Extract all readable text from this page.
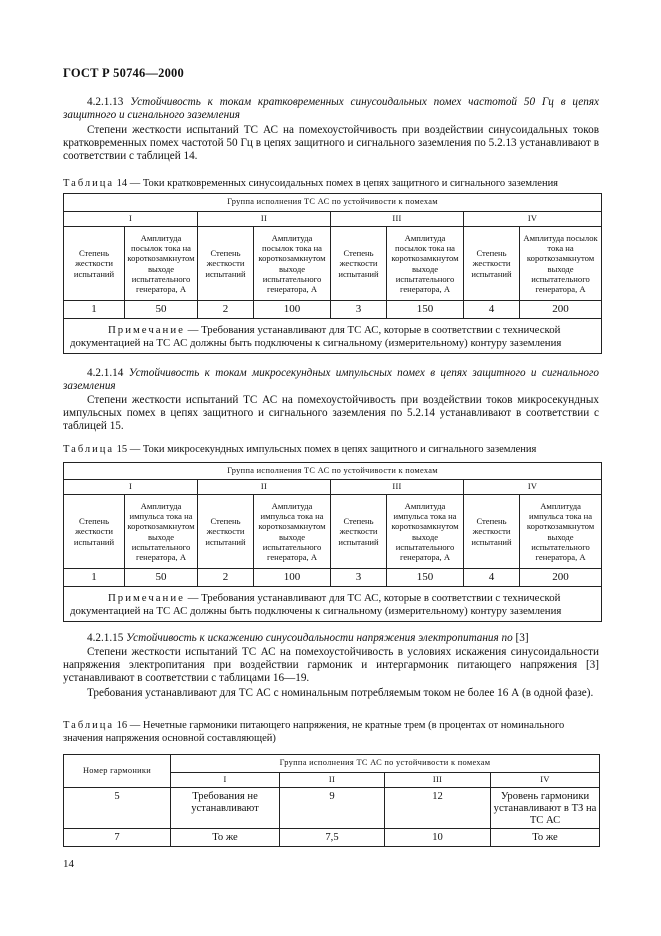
ГОСТ Р 50746—2000
4.2.1.13 Устойчивость к токам кратковременных синусоидальных помех частотой 50 Гц в цепях защитного и сигнального заземления
Степени жесткости испытаний ТС АС на помехоустойчивость при воздействии синусоидальных токов кратковременных помех частотой 50 Гц в цепях защитного и сигнального заземления по 5.2.13 устанавливают в соответствии с таблицей 14.
Таблица 14 — Токи кратковременных синусоидальных помех в цепях защитного и сигнального заземления
Группа исполнения ТС АС по устойчивости к помехам							
I		II		III		IV	
Степень жесткости испытаний	Амплитуда посылок тока на короткозамкнутом выходе испытательного генератора, А	Степень жесткости испытаний	Амплитуда посылок тока на короткозамкнутом выходе испытательного генератора, А	Степень жесткости испытаний	Амплитуда посылок тока на короткозамкнутом выходе испытательного генератора, А	Степень жесткости испытаний	Амплитуда посылок тока на короткозамкнутом выходе испытательного генератора, А
1	50	2	100	3	150	4	200
Примечание — Требования устанавливают для ТС АС, которые в соответствии с технической документацией на ТС АС должны быть подключены к сигнальному (измерительному) контуру заземления							
4.2.1.14 Устойчивость к токам микросекундных импульсных помех в цепях защитного и сигнального заземления
Степени жесткости испытаний ТС АС на помехоустойчивость при воздействии токов микросекундных импульсных помех в цепях защитного и сигнального заземления по 5.2.14 устанавливают в соответствии с таблицей 15.
Таблица 15 — Токи микросекундных импульсных помех в цепях защитного и сигнального заземления
Группа исполнения ТС АС по устойчивости к помехам							
I		II		III		IV	
Степень жесткости испытаний	Амплитуда импульса тока на короткозамкнутом выходе испытательного генератора, А	Степень жесткости испытаний	Амплитуда импульса тока на короткозамкнутом выходе испытательного генератора, А	Степень жесткости испытаний	Амплитуда импульса тока на короткозамкнутом выходе испытательного генератора, А	Степень жесткости испытаний	Амплитуда импульса тока на короткозамкнутом выходе испытательного генератора, А
1	50	2	100	3	150	4	200
Примечание — Требования устанавливают для ТС АС, которые в соответствии с технической документацией на ТС АС должны быть подключены к сигнальному (измерительному) контуру заземления							
4.2.1.15 Устойчивость к искажению синусоидальности напряжения электропитания по [3]
Степени жесткости испытаний ТС АС на помехоустойчивость в условиях искажения синусоидальности напряжения электропитания при воздействии гармоник и интергармоник питающего напряжения [3] устанавливают в соответствии с таблицами 16—19.
Требования устанавливают для ТС АС с номинальным потребляемым током не более 16 А (в одной фазе).
Таблица 16 — Нечетные гармоники питающего напряжения, не кратные трем (в процентах от номинального значения напряжения основной составляющей)
Номер гармоники	Группа исполнения ТС АС по устойчивости к помехам			
	I	II	III	IV
5	Требования не устанавливают	9	12	Уровень гармоники устанавливают в ТЗ на ТС АС
7	То же	7,5	10	То же
14
